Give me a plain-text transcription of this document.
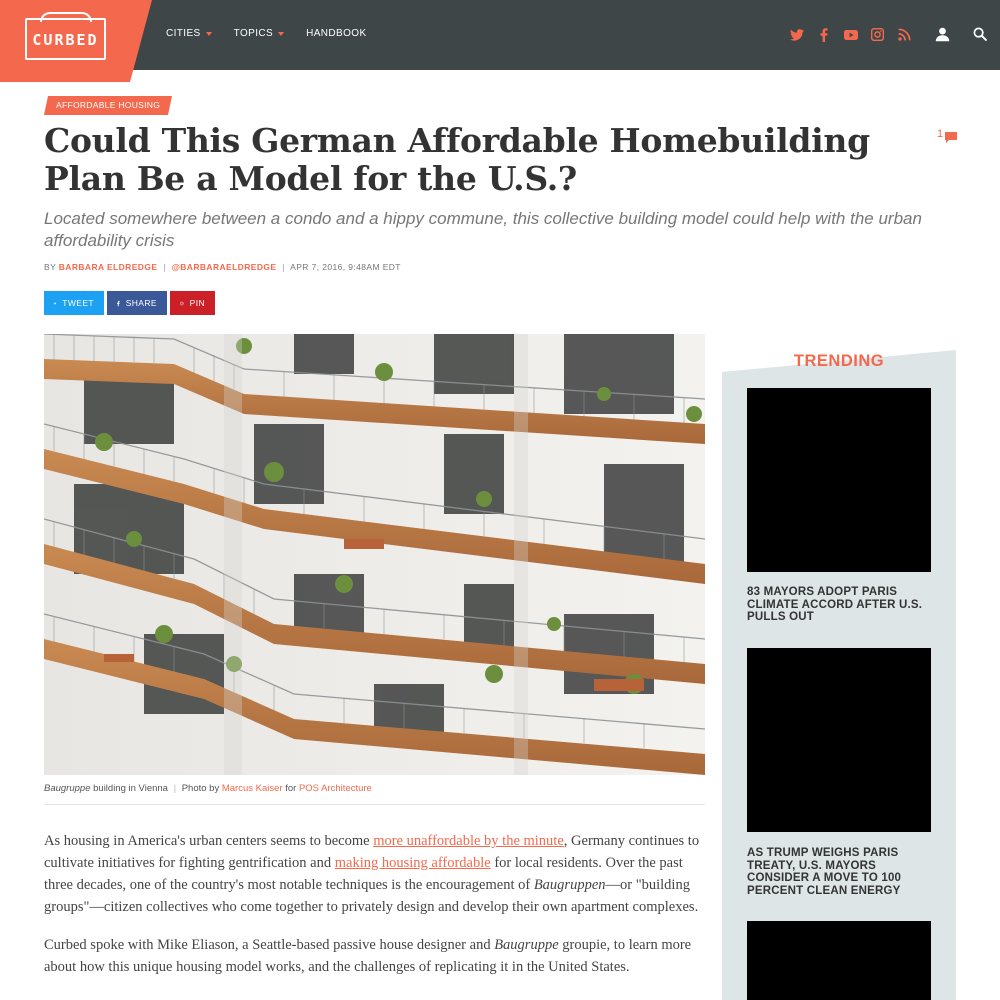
CURBED	CITIES	TOPICS	HANDBOOK
AFFORDABLE HOUSING
Could This German Affordable Homebuilding Plan Be a Model for the U.S.?
1

Located somewhere between a condo and a hippy commune, this collective building model could help with the urban affordability crisis

BY BARBARA ELDREDGE | @BARBARAELDREDGE | APR 7, 2016, 9:48AM EDT
TWEET	SHARE	PIN
Baugruppe building in Vienna | Photo by Marcus Kaiser for POS Architecture

As housing in America's urban centers seems to become more unaffordable by the minute, Germany continues to cultivate initiatives for fighting gentrification and making housing affordable for local residents. Over the past three decades, one of the country's most notable techniques is the encouragement of Baugruppen—or "building groups"—citizen collectives who come together to privately design and develop their own apartment complexes.

Curbed spoke with Mike Eliason, a Seattle-based passive house designer and Baugruppe groupie, to learn more about how this unique housing model works, and the challenges of replicating it in the United States.

TRENDING
83 MAYORS ADOPT PARIS CLIMATE ACCORD AFTER U.S. PULLS OUT
AS TRUMP WEIGHS PARIS TREATY, U.S. MAYORS CONSIDER A MOVE TO 100 PERCENT CLEAN ENERGY
